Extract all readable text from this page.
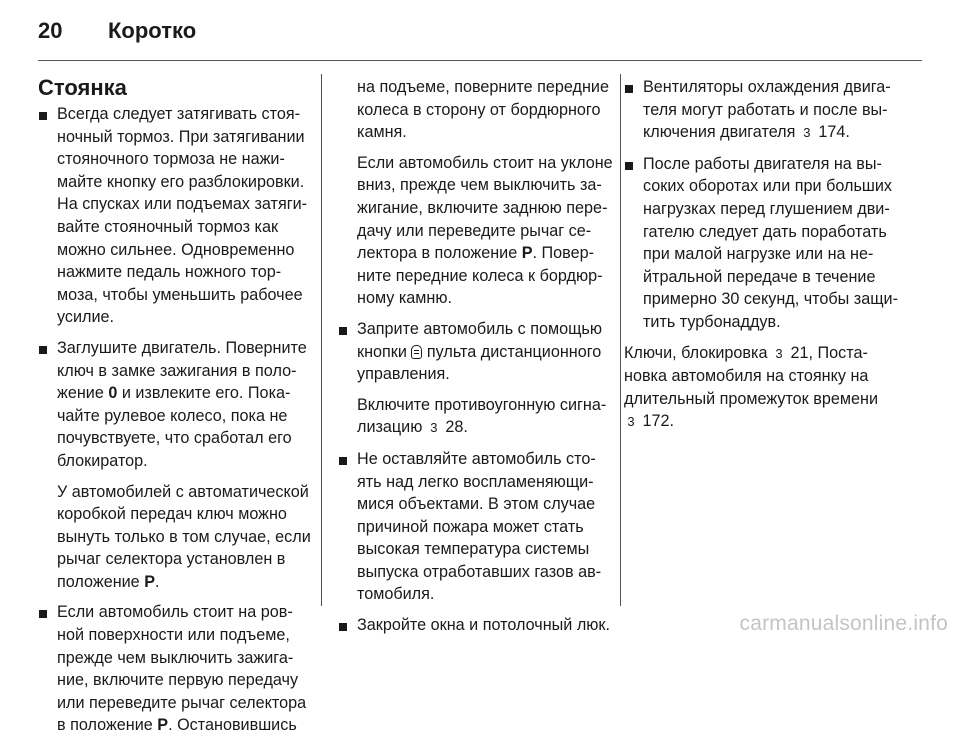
20 Коротко
Стоянка
Всегда следует затягивать стоя-
ночный тормоз. При затягивании
стояночного тормоза не нажи-
майте кнопку его разблокировки.
На спусках или подъемах затяги-
вайте стояночный тормоз как
можно сильнее. Одновременно
нажмите педаль ножного тор-
моза, чтобы уменьшить рабочее
усилие.
Заглушите двигатель. Поверните
ключ в замке зажигания в поло-
жение 0 и извлеките его. Пока-
чайте рулевое колесо, пока не
почувствуете, что сработал его
блокиратор.
У автомобилей с автоматической
коробкой передач ключ можно
вынуть только в том случае, если
рычаг селектора установлен в
положение P.
Если автомобиль стоит на ров-
ной поверхности или подъеме,
прежде чем выключить зажига-
ние, включите первую передачу
или переведите рычаг селектора
в положение P. Остановившись
на подъеме, поверните передние
колеса в сторону от бордюрного
камня.
Если автомобиль стоит на уклоне
вниз, прежде чем выключить за-
жигание, включите заднюю пере-
дачу или переведите рычаг се-
лектора в положение P. Повер-
ните передние колеса к бордюр-
ному камню.
Заприте автомобиль с помощью
кнопки  пульта дистанционного
управления.
Включите противоугонную сигна-
лизацию 3 28.
Не оставляйте автомобиль сто-
ять над легко воспламеняющи-
мися объектами. В этом случае
причиной пожара может стать
высокая температура системы
выпуска отработавших газов ав-
томобиля.
Закройте окна и потолочный люк.
Вентиляторы охлаждения двига-
теля могут работать и после вы-
ключения двигателя 3 174.
После работы двигателя на вы-
соких оборотах или при больших
нагрузках перед глушением дви-
гателю следует дать поработать
при малой нагрузке или на не-
йтральной передаче в течение
примерно 30 секунд, чтобы защи-
тить турбонаддув.
Ключи, блокировка 3 21, Поста-
новка автомобиля на стоянку на
длительный промежуток времени
3 172.
carmanualsonline.info
